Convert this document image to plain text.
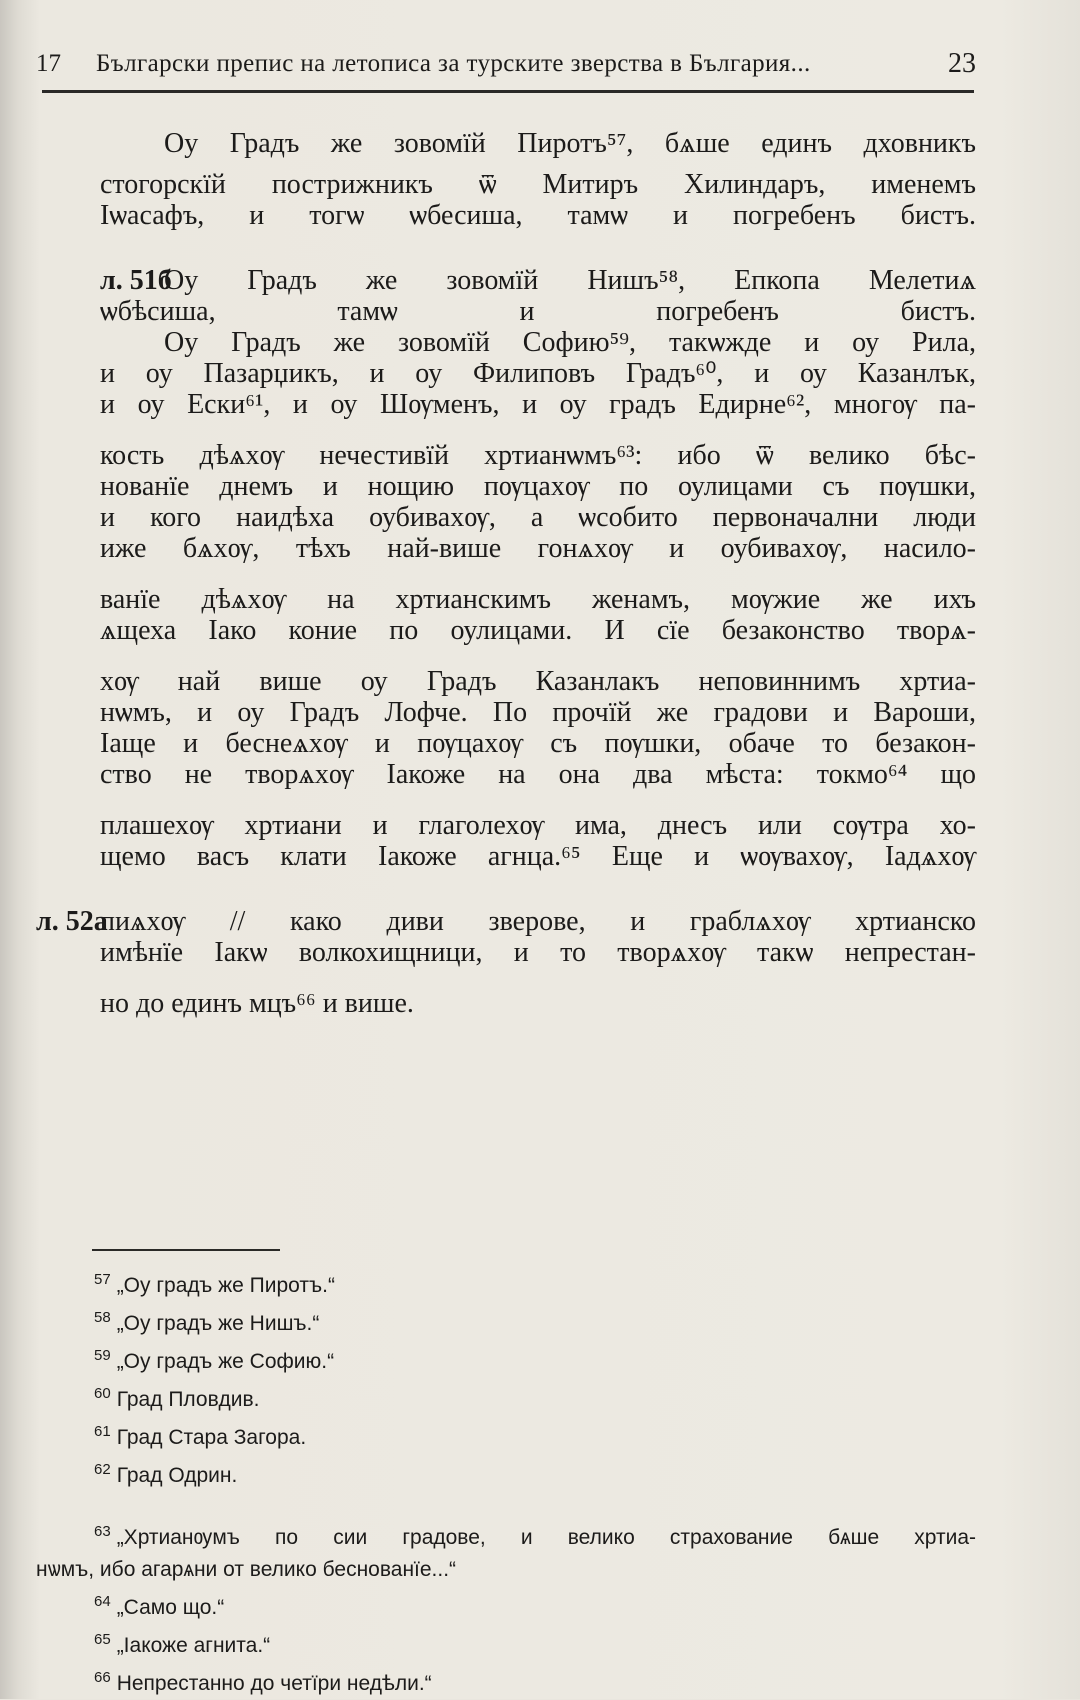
17 Български препис на летописа за турските зверства в България...	23
Оу Градъ же зовомїй Пиротъ⁵⁷, бѧше единъ дховникъ
стогорскїй пострижникъ ѿ Митиръ Хилиндаръ, именемъ
Іѡасафъ, и тогѡ ѡбесиша, тамѡ и погребенъ бистъ.
л. 51б
Оу Градъ же зовомїй Нишъ⁵⁸, Епкопа Мелетиѧ
ѡбѣсиша, тамѡ и погребенъ бистъ.
Оу Градъ же зовомїй Софию⁵⁹, такѡжде и оу Рила,
и оу Пазарџикъ, и оу Филиповъ Градъ⁶⁰, и оу Казанлък,
и оу Ески⁶¹, и оу Шѹменъ, и оу градъ Едирне⁶², многѹ па-
кость дѣѧхѹ нечестивїй хртианѡмъ⁶³: ибо ѿ велико бѣс-
нованїе днемъ и нощию пѹцахѹ по оулицами съ пѹшки,
и кого наидѣха оубивахѹ, а ѡсобито первоначални люди
иже бѧхѹ, тѣхъ най-више гонѧхѹ и оубивахѹ, насило-
ванїе дѣѧхѹ на хртианскимъ женамъ, мѹжие же ихъ
ѧщеха Іако коние по оулицами. И сїе безаконство творѧ-
хѹ най више оу Градъ Казанлакъ неповиннимъ хртиа-
нѡмъ, и оу Градъ Лофче. По прочїй же градови и Вароши,
Іаще и беснеѧхѹ и пѹцахѹ съ пѹшки, обаче то безакон-
ство не творѧхѹ Іакоже на она два мѣста: токмо⁶⁴ що
плашехѹ хртиани и глаголехѹ има, днесъ или сѹтра хо-
щемо васъ клати Іакоже агнца.⁶⁵ Еще и ѡѹвахѹ, Іадѧхѹ
л. 52а
пиѧхѹ // како диви зверове, и граблѧхѹ хртианско
имѣнїе Іакѡ волкохищници, и то творѧхѹ такѡ непрестан-
но до единъ мцъ⁶⁶ и више.
$^{57}$ „Оу градъ же Пиротъ.“
$^{58}$ „Оу градъ же Нишъ.“
$^{59}$ „Оу градъ же Софию.“
$^{60}$ Град Пловдив.
$^{61}$ Град Стара Загора.
$^{62}$ Град Одрин.
$^{63}$ „Хртианѹмъ по сии градове, и велико страхование бѧше хртиа-
нѡмъ, ибо агарѧни от велико беснованїе...“
$^{64}$ „Само що.“
$^{65}$ „Іакоже агнита.“
$^{66}$ Непрестанно до четїри недѣли.“
